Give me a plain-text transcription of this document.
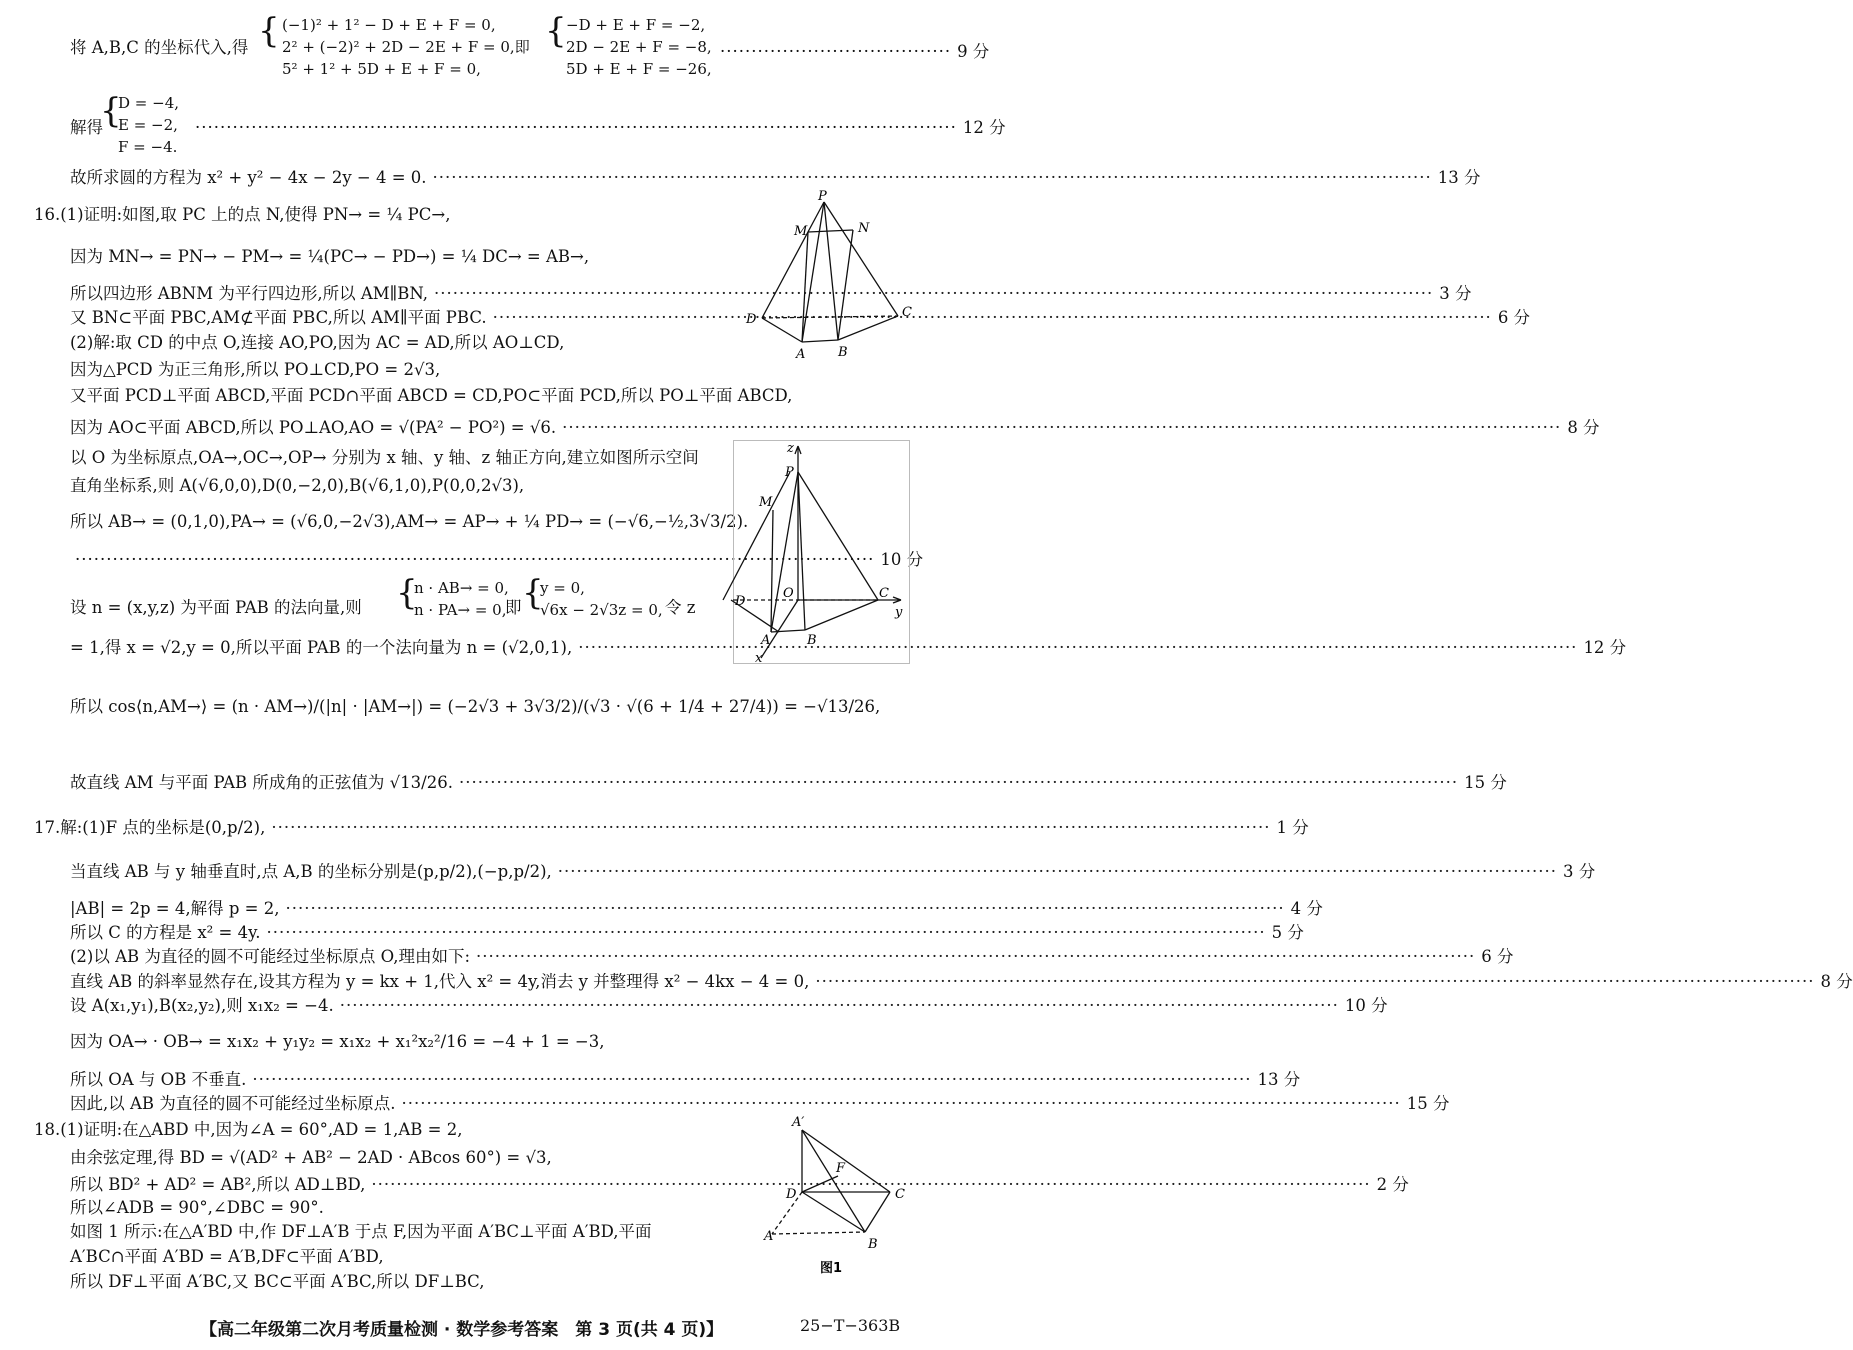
将 A,B,C 的坐标代入,得 { (−1)² + 1² − D + E + F = 0,
2² + (−2)² + 2D − 2E + F = 0,即
5² + 1² + 5D + E + F = 0,
{ −D + E + F = −2,
2D − 2E + F = −8,
5D + E + F = −26,
····································· 9 分
解得
{
D = −4,
E = −2,
F = −4.
·························································································································· 12 分
故所求圆的方程为 x² + y² − 4x − 2y − 4 = 0. ·····	13 分
16.(1)证明:如图,取 PC 上的点 N,使得 PN→ = ¼ PC→,
因为 MN→ = PN→ − PM→ = ¼(PC→ − PD→) = ¼ DC→ = AB→,
所以四边形 ABNM 为平行四边形,所以 AM∥BN, ·····	3 分
又 BN⊂平面 PBC,AM⊄平面 PBC,所以 AM∥平面 PBC. ·····	6 分
(2)解:取 CD 的中点 O,连接 AO,PO,因为 AC = AD,所以 AO⊥CD,
因为△PCD 为正三角形,所以 PO⊥CD,PO = 2√3,
又平面 PCD⊥平面 ABCD,平面 PCD∩平面 ABCD = CD,PO⊂平面 PCD,所以 PO⊥平面 ABCD,
因为 AO⊂平面 ABCD,所以 PO⊥AO,AO = √(PA² − PO²) = √6. ·····	8 分
以 O 为坐标原点,OA→,OC→,OP→ 分别为 x 轴、y 轴、z 轴正方向,建立如图所示空间
直角坐标系,则 A(√6,0,0),D(0,−2,0),B(√6,1,0),P(0,0,2√3),
所以 AB→ = (0,1,0),PA→ = (√6,0,−2√3),AM→ = AP→ + ¼ PD→ = (−√6,−½,3√3/2).
································································································································ 10 分
设 n = (x,y,z) 为平面 PAB 的法向量,则 {
n · AB→ = 0,
n · PA→ = 0,
即 {
y = 0,
√6x − 2√3z = 0, 令 z
= 1,得 x = √2,y = 0,所以平面 PAB 的一个法向量为 n = (√2,0,1), ·····	12 分
所以 cos⟨n,AM→⟩ = (n · AM→)/(|n| · |AM→|) = (−2√3 + 3√3/2)/(√3 · √(6 + 1/4 + 27/4)) = −√13/26,
故直线 AM 与平面 PAB 所成角的正弦值为 √13/26. ·····	15 分
17.解:(1)F 点的坐标是(0,p/2), ·····	1 分
当直线 AB 与 y 轴垂直时,点 A,B 的坐标分别是(p,p/2),(−p,p/2), ·····	3 分
|AB| = 2p = 4,解得 p = 2, ·····	4 分
所以 C 的方程是 x² = 4y. ·····	5 分
(2)以 AB 为直径的圆不可能经过坐标原点 O,理由如下: ·····	6 分
直线 AB 的斜率显然存在,设其方程为 y = kx + 1,代入 x² = 4y,消去 y 并整理得 x² − 4kx − 4 = 0, ·····	8 分
设 A(x₁,y₁),B(x₂,y₂),则 x₁x₂ = −4. ·····	10 分
因为 OA→ · OB→ = x₁x₂ + y₁y₂ = x₁x₂ + x₁²x₂²/16 = −4 + 1 = −3,
所以 OA 与 OB 不垂直. ·····	13 分
因此,以 AB 为直径的圆不可能经过坐标原点. ·····	15 分
18.(1)证明:在△ABD 中,因为∠A = 60°,AD = 1,AB = 2,
由余弦定理,得 BD = √(AD² + AB² − 2AD · ABcos 60°) = √3,
所以 BD² + AD² = AB²,所以 AD⊥BD, ·····	2 分
所以∠ADB = 90°,∠DBC = 90°.
如图 1 所示:在△A′BD 中,作 DF⊥A′B 于点 F,因为平面 A′BC⊥平面 A′BD,平面
A′BC∩平面 A′BD = A′B,DF⊂平面 A′BD,
所以 DF⊥平面 A′BC,又 BC⊂平面 A′BC,所以 DF⊥BC,
P
M	N
D	C
A	B
z
P
M
O
D
C
y
A	B
x
A′
F
D	C
A
B
图1
【高二年级第二次月考质量检测 · 数学参考答案　第 3 页(共 4 页)】	25−T−363B
